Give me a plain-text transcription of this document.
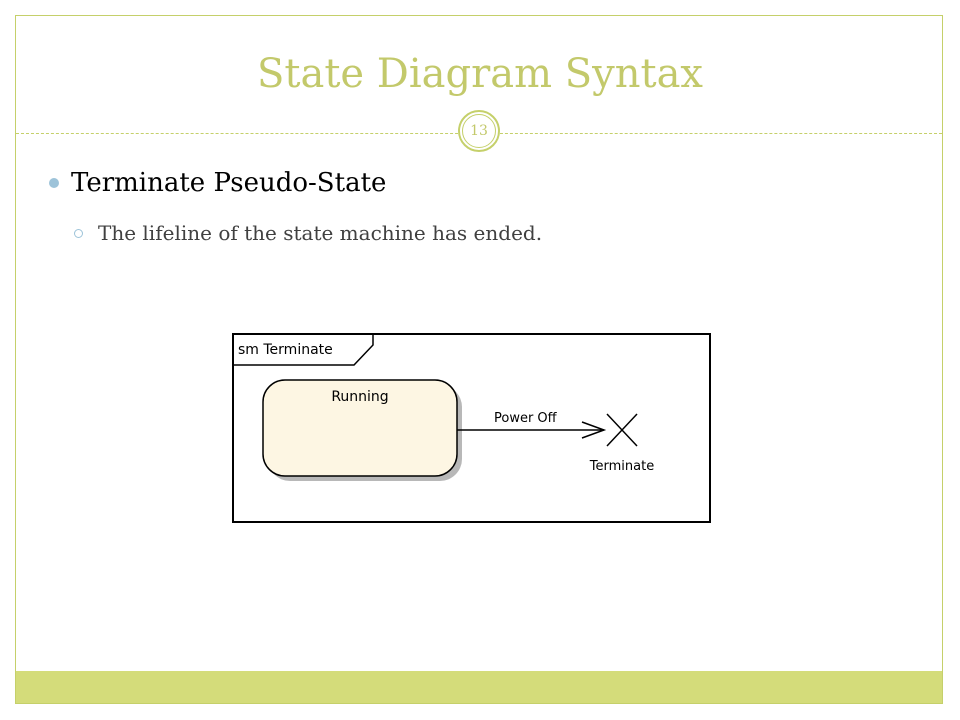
State Diagram Syntax
13
Terminate Pseudo-State
The lifeline of the state machine has ended.
sm Terminate
Running
Power Off
Terminate
